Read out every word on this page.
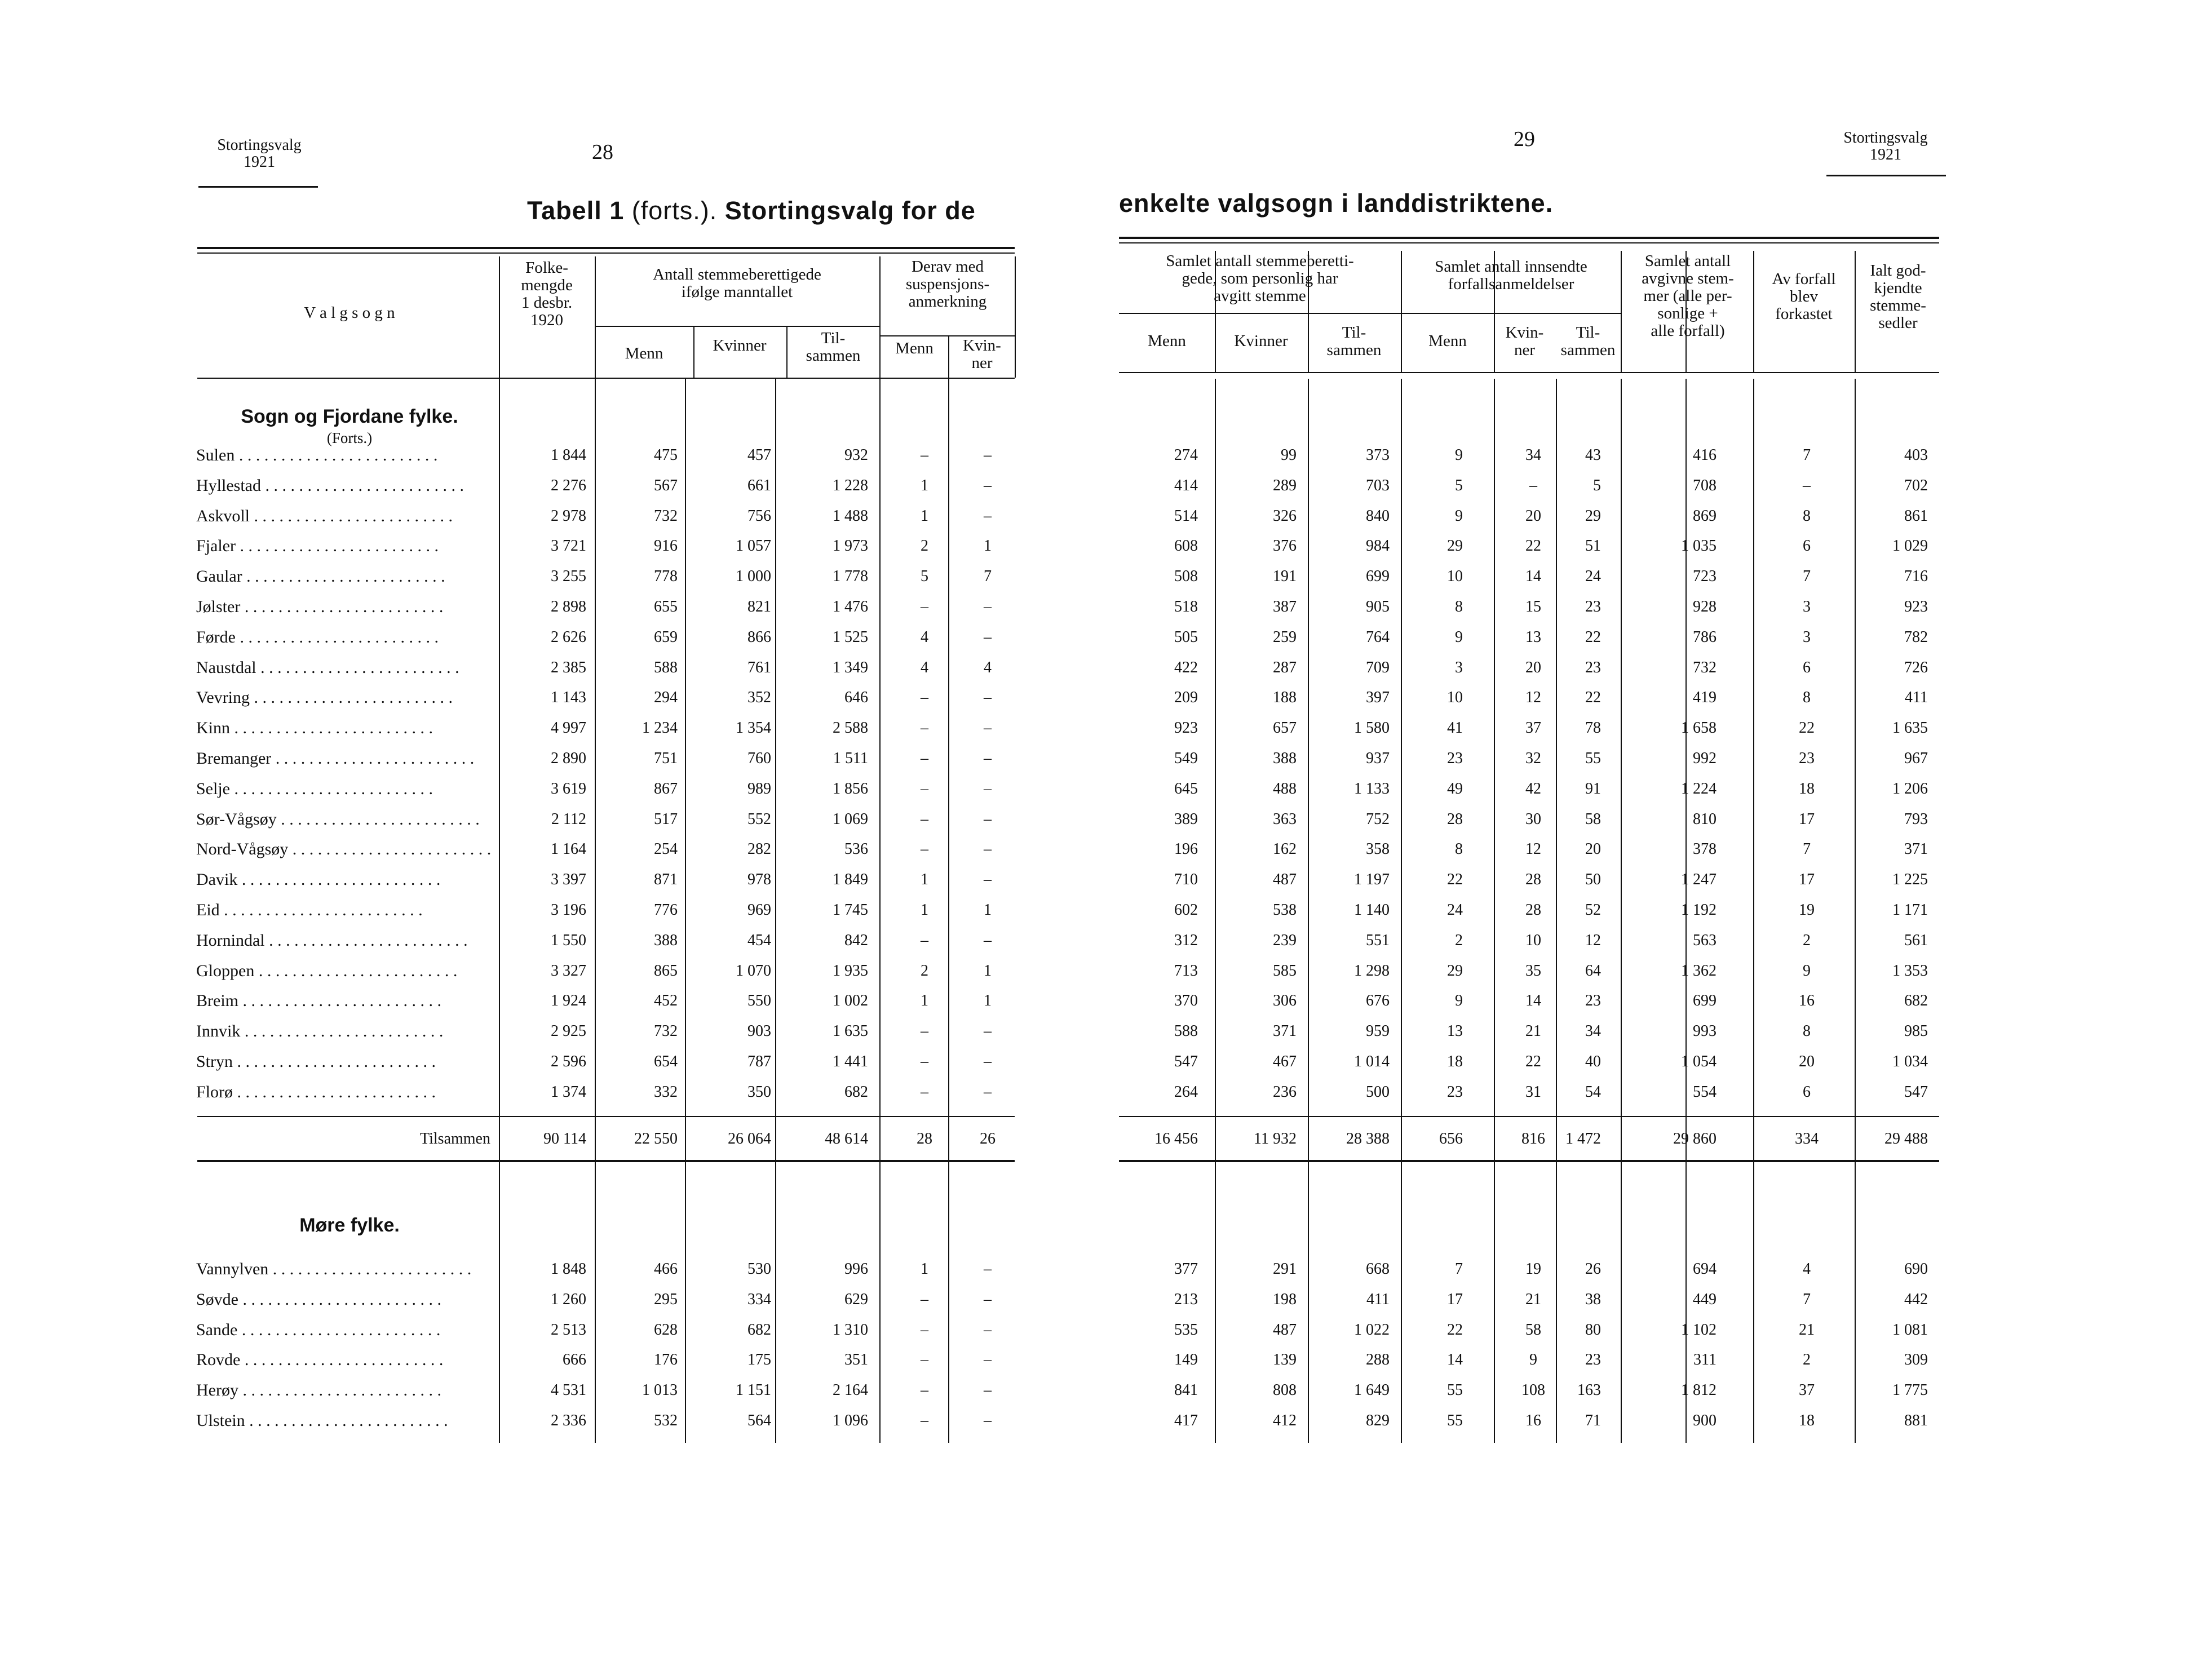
Stortingsvalg
1921	28
29	Stortingsvalg
1921
Tabell 1 (forts.). Stortingsvalg for de	enkelte valgsogn i landdistriktene.
V a l g s o g n
Folke-
mengde
1 desbr.
1920
Antall stemmeberettigede
ifølge manntallet
Menn	Kvinner	Til-
sammen
Derav med
suspensjons-
anmerkning
Menn	Kvin-
ner
Samlet antall stemmeberetti-
gede, som personlig har
avgitt stemme
Menn	Kvinner	Til-
sammen
Samlet antall innsendte
forfallsanmeldelser
Menn	Kvin-
ner
Til-
sammen
Samlet antall
avgivne stem-
mer (alle per-
sonlige +
alle forfall)
Av forfall
blev
forkastet
Ialt god-
kjendte
stemme-
sedler
Sogn og Fjordane fylke.
(Forts.)
Sulen . . . . . . . . . . . . . . . . . . . . . . . .	1 844	475	457	932	–	–	274	99	373	9	34	43	416	7	403
Hyllestad . . . . . . . . . . . . . . . . . . . . . . . .	2 276	567	661	1 228	1	–	414	289	703	5	–	5	708	–	702
Askvoll . . . . . . . . . . . . . . . . . . . . . . . .	2 978	732	756	1 488	1	–	514	326	840	9	20	29	869	8	861
Fjaler . . . . . . . . . . . . . . . . . . . . . . . .	3 721	916	1 057	1 973	2	1	608	376	984	29	22	51	1 035	6	1 029
Gaular . . . . . . . . . . . . . . . . . . . . . . . .	3 255	778	1 000	1 778	5	7	508	191	699	10	14	24	723	7	716
Jølster . . . . . . . . . . . . . . . . . . . . . . . .	2 898	655	821	1 476	–	–	518	387	905	8	15	23	928	3	923
Førde . . . . . . . . . . . . . . . . . . . . . . . .	2 626	659	866	1 525	4	–	505	259	764	9	13	22	786	3	782
Naustdal . . . . . . . . . . . . . . . . . . . . . . . .	2 385	588	761	1 349	4	4	422	287	709	3	20	23	732	6	726
Vevring . . . . . . . . . . . . . . . . . . . . . . . .	1 143	294	352	646	–	–	209	188	397	10	12	22	419	8	411
Kinn . . . . . . . . . . . . . . . . . . . . . . . .	4 997	1 234	1 354	2 588	–	–	923	657	1 580	41	37	78	1 658	22	1 635
Bremanger . . . . . . . . . . . . . . . . . . . . . . . .	2 890	751	760	1 511	–	–	549	388	937	23	32	55	992	23	967
Selje . . . . . . . . . . . . . . . . . . . . . . . .	3 619	867	989	1 856	–	–	645	488	1 133	49	42	91	1 224	18	1 206
Sør-Vågsøy . . . . . . . . . . . . . . . . . . . . . . . .	2 112	517	552	1 069	–	–	389	363	752	28	30	58	810	17	793
Nord-Vågsøy . . . . . . . . . . . . . . . . . . . . . . . .	1 164	254	282	536	–	–	196	162	358	8	12	20	378	7	371
Davik . . . . . . . . . . . . . . . . . . . . . . . .	3 397	871	978	1 849	1	–	710	487	1 197	22	28	50	1 247	17	1 225
Eid . . . . . . . . . . . . . . . . . . . . . . . .	3 196	776	969	1 745	1	1	602	538	1 140	24	28	52	1 192	19	1 171
Hornindal . . . . . . . . . . . . . . . . . . . . . . . .	1 550	388	454	842	–	–	312	239	551	2	10	12	563	2	561
Gloppen . . . . . . . . . . . . . . . . . . . . . . . .	3 327	865	1 070	1 935	2	1	713	585	1 298	29	35	64	1 362	9	1 353
Breim . . . . . . . . . . . . . . . . . . . . . . . .	1 924	452	550	1 002	1	1	370	306	676	9	14	23	699	16	682
Innvik . . . . . . . . . . . . . . . . . . . . . . . .	2 925	732	903	1 635	–	–	588	371	959	13	21	34	993	8	985
Stryn . . . . . . . . . . . . . . . . . . . . . . . .	2 596	654	787	1 441	–	–	547	467	1 014	18	22	40	1 054	20	1 034
Florø . . . . . . . . . . . . . . . . . . . . . . . .	1 374	332	350	682	–	–	264	236	500	23	31	54	554	6	547
Tilsammen	90 114	22 550	26 064	48 614	28	26	16 456	11 932	28 388	656	816	1 472	29 860	334	29 488
Møre fylke.
Vannylven . . . . . . . . . . . . . . . . . . . . . . . .	1 848	466	530	996	1	–	377	291	668	7	19	26	694	4	690
Søvde . . . . . . . . . . . . . . . . . . . . . . . .	1 260	295	334	629	–	–	213	198	411	17	21	38	449	7	442
Sande . . . . . . . . . . . . . . . . . . . . . . . .	2 513	628	682	1 310	–	–	535	487	1 022	22	58	80	1 102	21	1 081
Rovde . . . . . . . . . . . . . . . . . . . . . . . .	666	176	175	351	–	–	149	139	288	14	9	23	311	2	309
Herøy . . . . . . . . . . . . . . . . . . . . . . . .	4 531	1 013	1 151	2 164	–	–	841	808	1 649	55	108	163	1 812	37	1 775
Ulstein . . . . . . . . . . . . . . . . . . . . . . . .	2 336	532	564	1 096	–	–	417	412	829	55	16	71	900	18	881
